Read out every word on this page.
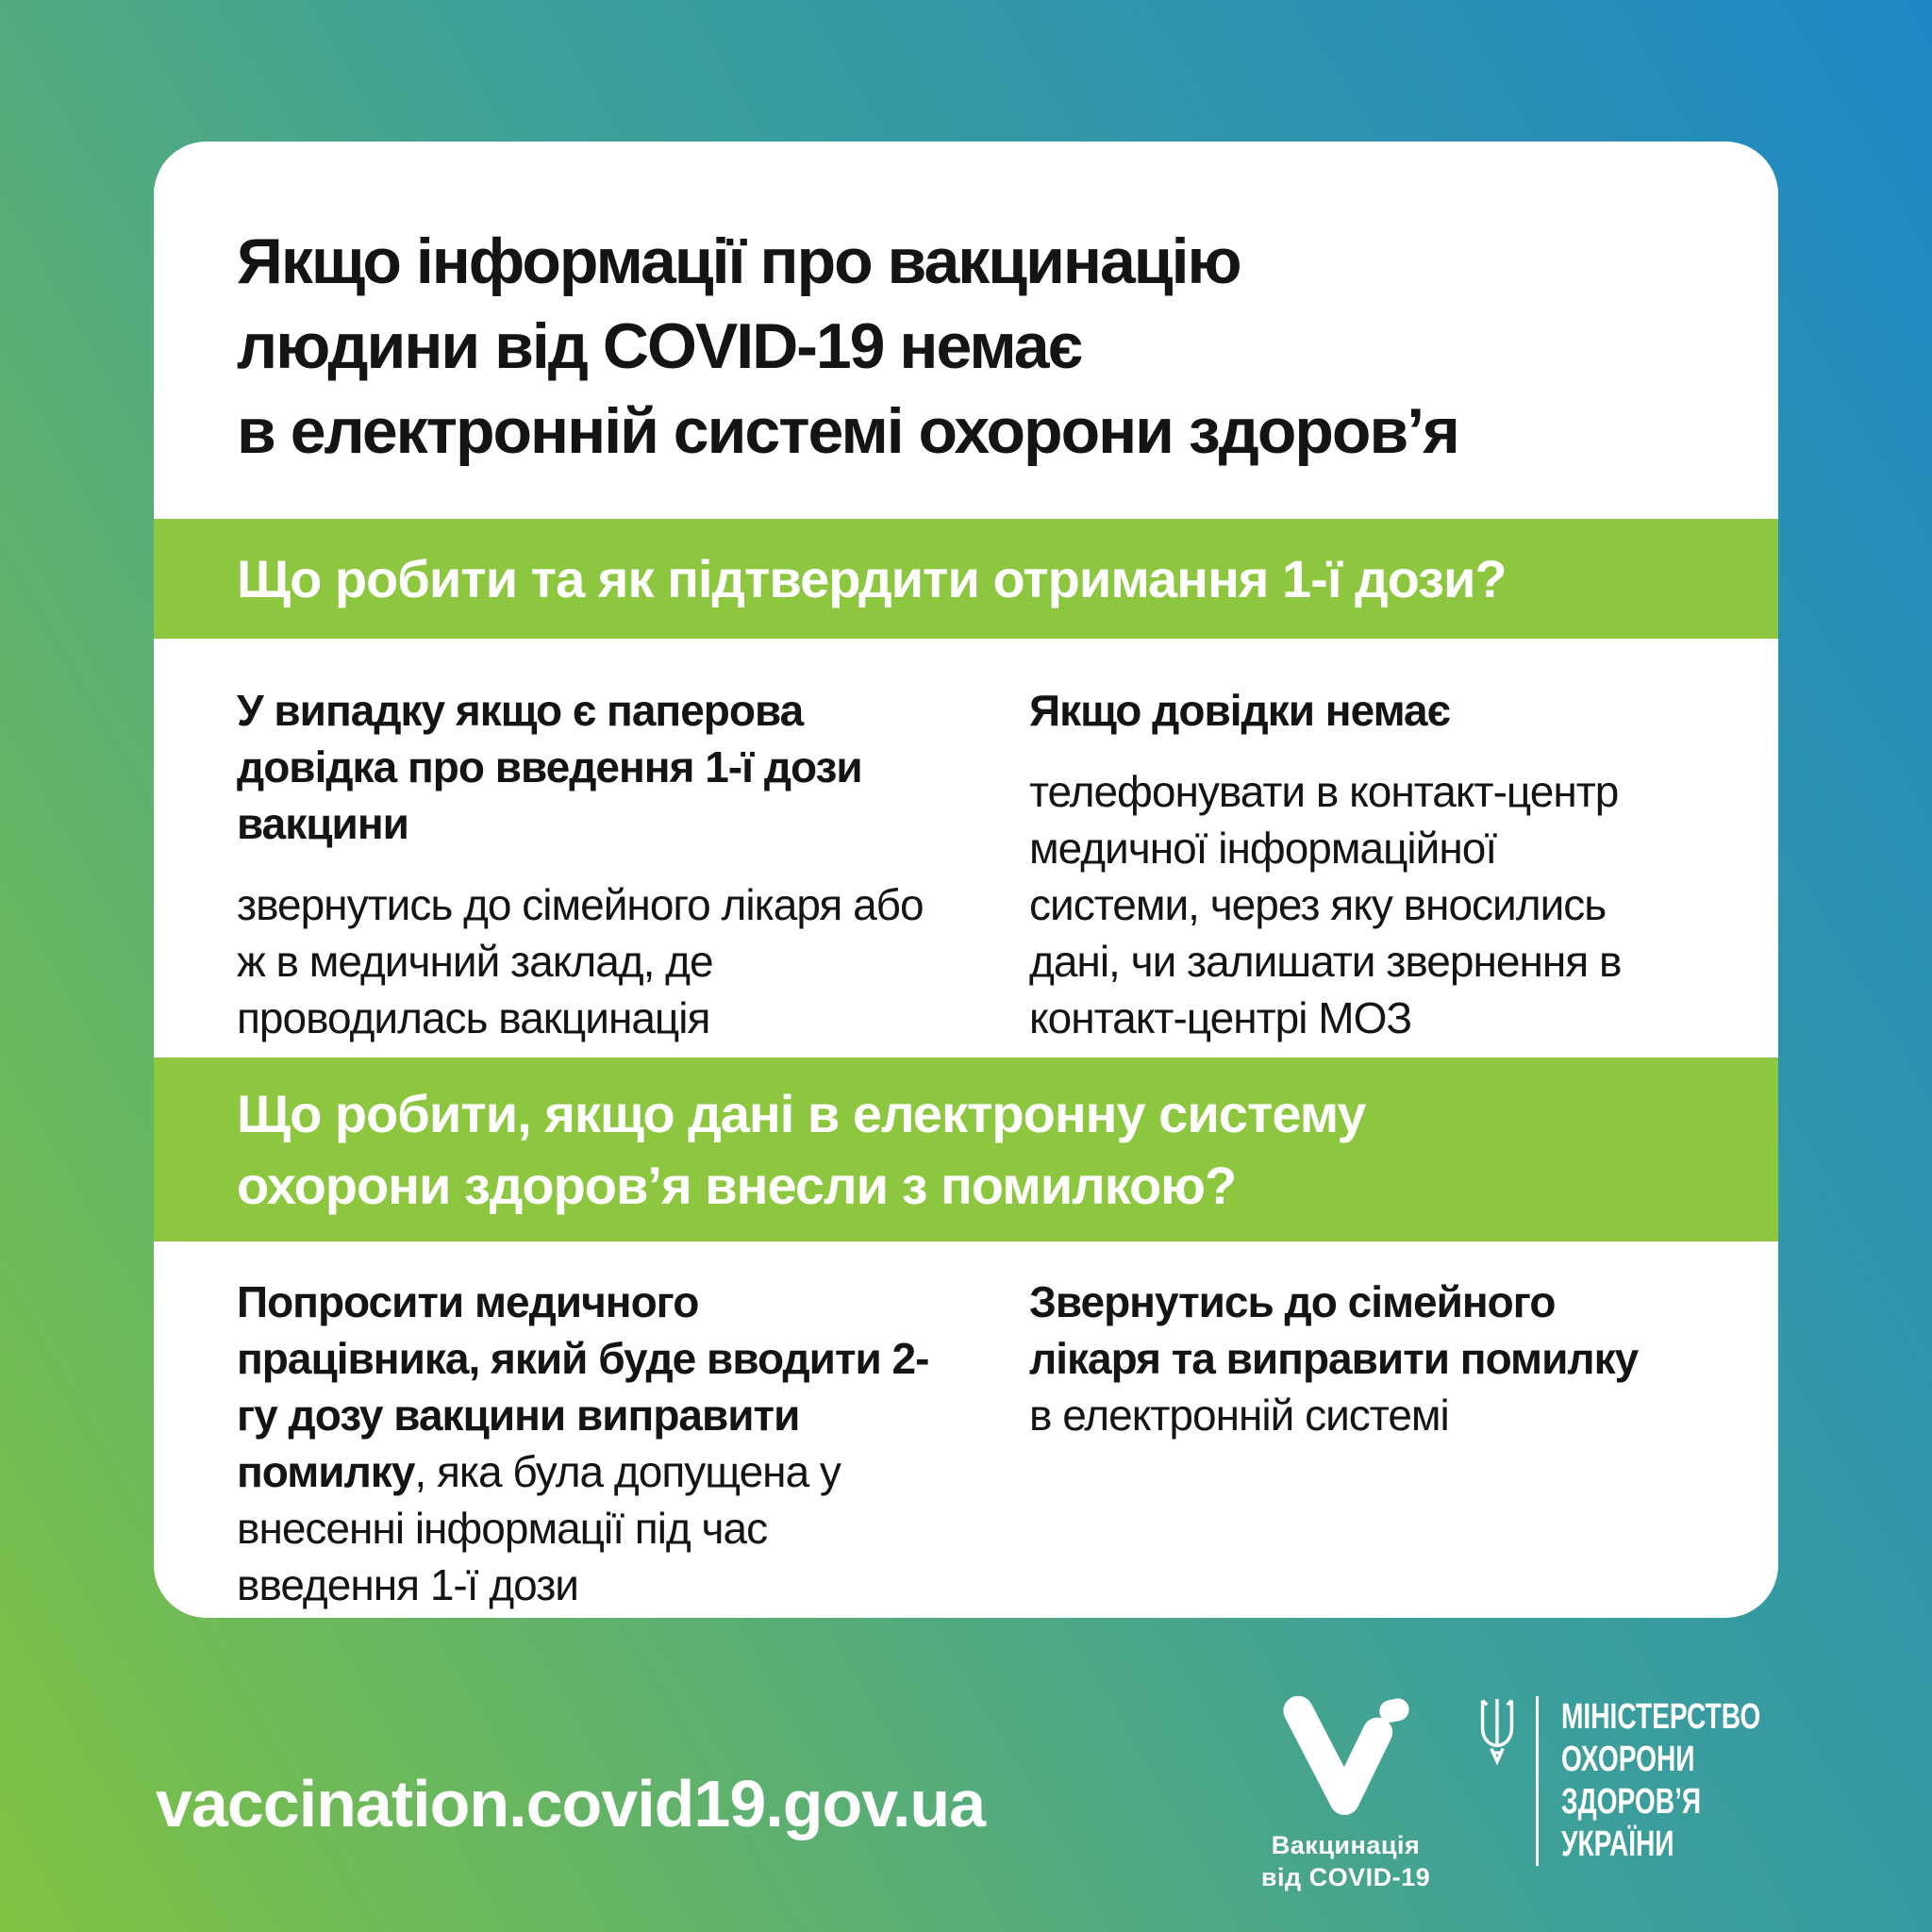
Якщо інформації про вакцинацію
людини від COVID-19 немає
в електронній системі охорони здоров’я
Що робити та як підтвердити отримання 1-ї дози?

У випадку якщо є паперова довідка про введення 1-ї дози вакцини

звернутись до сімейного лікаря або ж в медичний заклад, де проводилась вакцинація

Якщо довідки немає

телефонувати в контакт-центр медичної інформаційної системи, через яку вносились дані, чи залишати звернення в контакт-центрі МОЗ

Що робити, якщо дані в електронну систему
охорони здоров’я внесли з помилкою?

Попросити медичного працівника, який буде вводити 2-гу дозу вакцини виправити помилку, яка була допущена у внесенні інформації під час введення 1-ї дози

Звернутись до сімейного лікаря та виправити помилку в електронній системі

vaccination.covid19.gov.ua
Вакцинація
від COVID-19
МІНІСТЕРСТВО
ОХОРОНИ
ЗДОРОВ’Я
УКРАЇНИ
